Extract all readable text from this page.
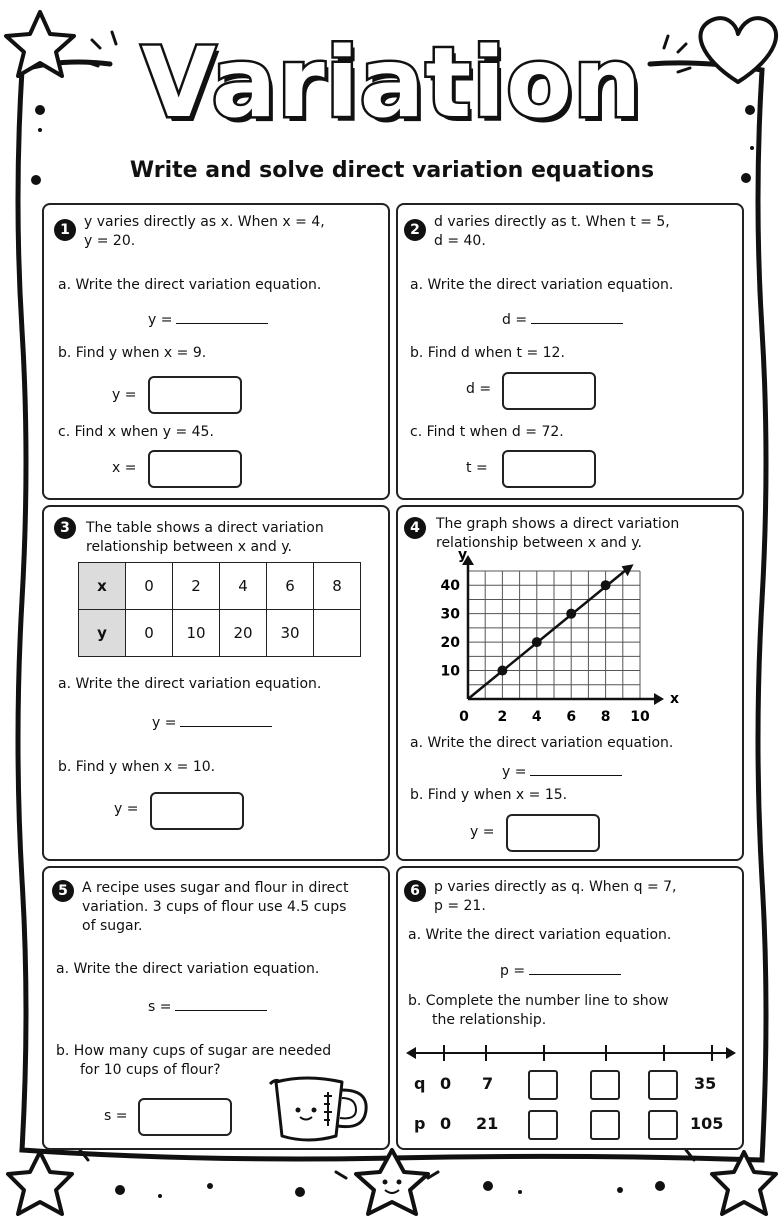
Variation
Write and solve direct variation equations
1	y varies directly as x. When x = 4,
y = 20.
a. Write the direct variation equation.
y =
b. Find y when x = 9.
y =
c. Find x when y = 45.
x =
2	d varies directly as t. When t = 5,
d = 40.
a. Write the direct variation equation.
d =
b. Find d when t = 12.
d =
c. Find t when d = 72.
t =
3	The table shows a direct variation
relationship between x and y.
x	0	2	4	6	8
y	0	10	20	30	
a. Write the direct variation equation.
y =
b. Find y when x = 10.
y =
4	The graph shows a direct variation
relationship between x and y.
x
y
0 2 4 6 8 10
10
20
30
40
a. Write the direct variation equation.
y =
b. Find y when x = 15.
y =
5	A recipe uses sugar and flour in direct
variation. 3 cups of flour use 4.5 cups
of sugar.
a. Write the direct variation equation.
s =
b. How many cups of sugar are needed
for 10 cups of flour?
s =
6	p varies directly as q. When q = 7,
p = 21.
a. Write the direct variation equation.
p =
b. Complete the number line to show
the relationship.
q 0 7	35
p 0 21	105
